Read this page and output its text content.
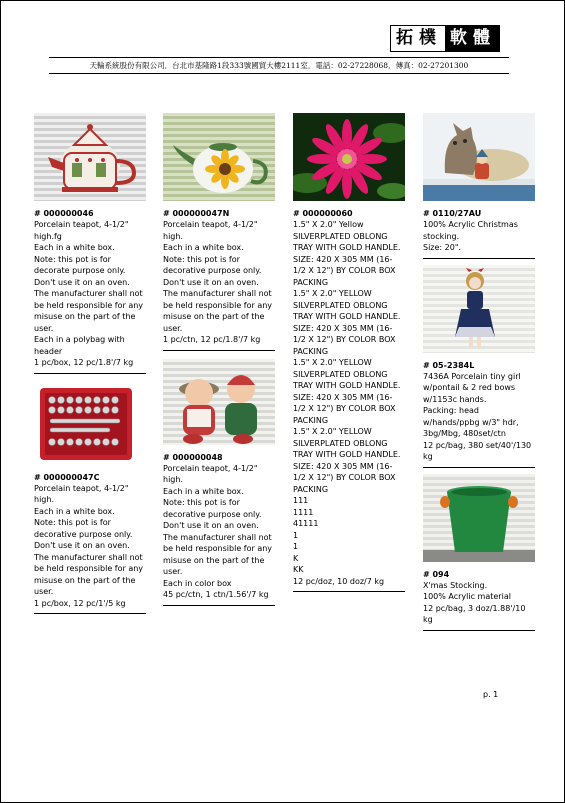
拓樸 軟體
天輪系統股份有限公司．台北市基隆路1段333號國貿大樓2111室．電話：02-27228068．傳真：02-27201300
# 000000046
Porcelain teapot, 4-1/2" high.fg
Each in a white box.
Note: this pot is for decorate purpose only.
Don't use it on an oven.
The manufacturer shall not be held responsible for any misuse on the part of the user.
Each in a polybag with header
1 pc/box, 12 pc/1.8'/7 kg
# 000000047C
Porcelain teapot, 4-1/2" high.
Each in a white box.
Note: this pot is for decorative purpose only.
Don't use it on an oven.
The manufacturer shall not be held responsible for any misuse on the part of the user.
1 pc/box, 12 pc/1'/5 kg
# 000000047N
Porcelain teapot, 4-1/2" high.
Each in a white box.
Note: this pot is for decorative purpose only.
Don't use it on an oven.
The manufacturer shall not be held responsible for any misuse on the part of the user.
1 pc/ctn, 12 pc/1.8'/7 kg
# 000000048
Porcelain teapot, 4-1/2" high.
Each in a white box.
Note: this pot is for decorative purpose only.
Don't use it on an oven.
The manufacturer shall not be held responsible for any misuse on the part of the user.
Each in color box
45 pc/ctn, 1 ctn/1.56'/7 kg
# 000000060
1.5" X 2.0" Yellow SILVERPLATED OBLONG TRAY WITH GOLD HANDLE. SIZE: 420 X 305 MM (16-1/2 X 12") BY COLOR BOX PACKING
1.5" X 2.0" YELLOW SILVERPLATED OBLONG TRAY WITH GOLD HANDLE. SIZE: 420 X 305 MM (16-1/2 X 12") BY COLOR BOX PACKING
1.5" X 2.0" YELLOW SILVERPLATED OBLONG TRAY WITH GOLD HANDLE. SIZE: 420 X 305 MM (16-1/2 X 12") BY COLOR BOX PACKING
1.5" X 2.0" YELLOW SILVERPLATED OBLONG TRAY WITH GOLD HANDLE. SIZE: 420 X 305 MM (16-1/2 X 12") BY COLOR BOX PACKING
111
1111
41111
1
1
K
KK
12 pc/doz, 10 doz/7 kg
# 0110/27AU
100% Acrylic Christmas stocking.
Size: 20".
# 05-2384L
7436A Porcelain tiny girl w/pontail & 2 red bows w/1153c hands.
Packing: head w/hands/ppbg w/3" hdr, 3bg/Mbg, 480set/ctn
12 pc/bag, 380 set/40'/130 kg
# 094
X'mas Stocking.
100% Acrylic material
12 pc/bag, 3 doz/1.88'/10 kg
p. 1
